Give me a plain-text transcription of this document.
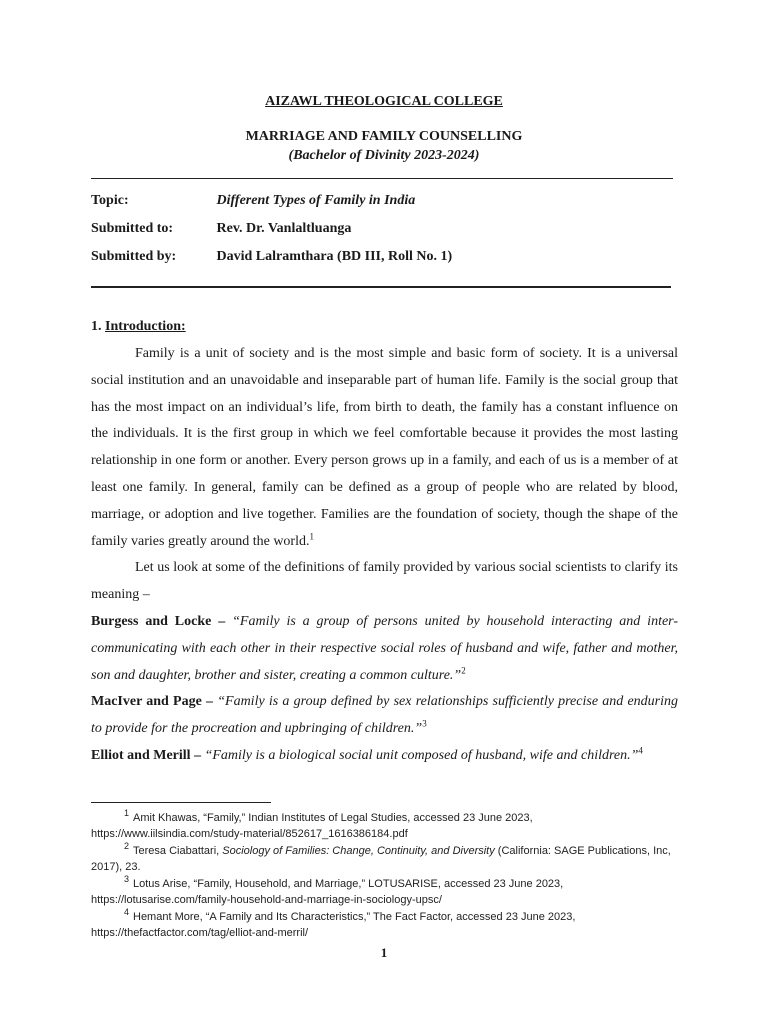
AIZAWL THEOLOGICAL COLLEGE
MARRIAGE AND FAMILY COUNSELLING
(Bachelor of Divinity 2023-2024)
Topic:	Different Types of Family in India
Submitted to:	Rev. Dr. Vanlaltluanga
Submitted by:	David Lalramthara (BD III, Roll No. 1)
1. Introduction:

Family is a unit of society and is the most simple and basic form of society. It is a universal social institution and an unavoidable and inseparable part of human life. Family is the social group that has the most impact on an individual’s life, from birth to death, the family has a constant influence on the individuals. It is the first group in which we feel comfortable because it provides the most lasting relationship in one form or another. Every person grows up in a family, and each of us is a member of at least one family. In general, family can be defined as a group of people who are related by blood, marriage, or adoption and live together. Families are the foundation of society, though the shape of the family varies greatly around the world.$^1$

Let us look at some of the definitions of family provided by various social scientists to clarify its meaning –

Burgess and Locke – “Family is a group of persons united by household interacting and inter-communicating with each other in their respective social roles of husband and wife, father and mother, son and daughter, brother and sister, creating a common culture.”$^2$

MacIver and Page – “Family is a group defined by sex relationships sufficiently precise and enduring to provide for the procreation and upbringing of children.”$^3$

Elliot and Merill – “Family is a biological social unit composed of husband, wife and children.”$^4$

$^1$ Amit Khawas, “Family,” Indian Institutes of Legal Studies, accessed 23 June 2023, https://www.iilsindia.com/study-material/852617_1616386184.pdf

$^2$ Teresa Ciabattari, Sociology of Families: Change, Continuity, and Diversity (California: SAGE Publications, Inc, 2017), 23.

$^3$ Lotus Arise, “Family, Household, and Marriage,” LOTUSARISE, accessed 23 June 2023, https://lotusarise.com/family-household-and-marriage-in-sociology-upsc/

$^4$ Hemant More, “A Family and Its Characteristics,” The Fact Factor, accessed 23 June 2023, https://thefactfactor.com/tag/elliot-and-merril/

1
